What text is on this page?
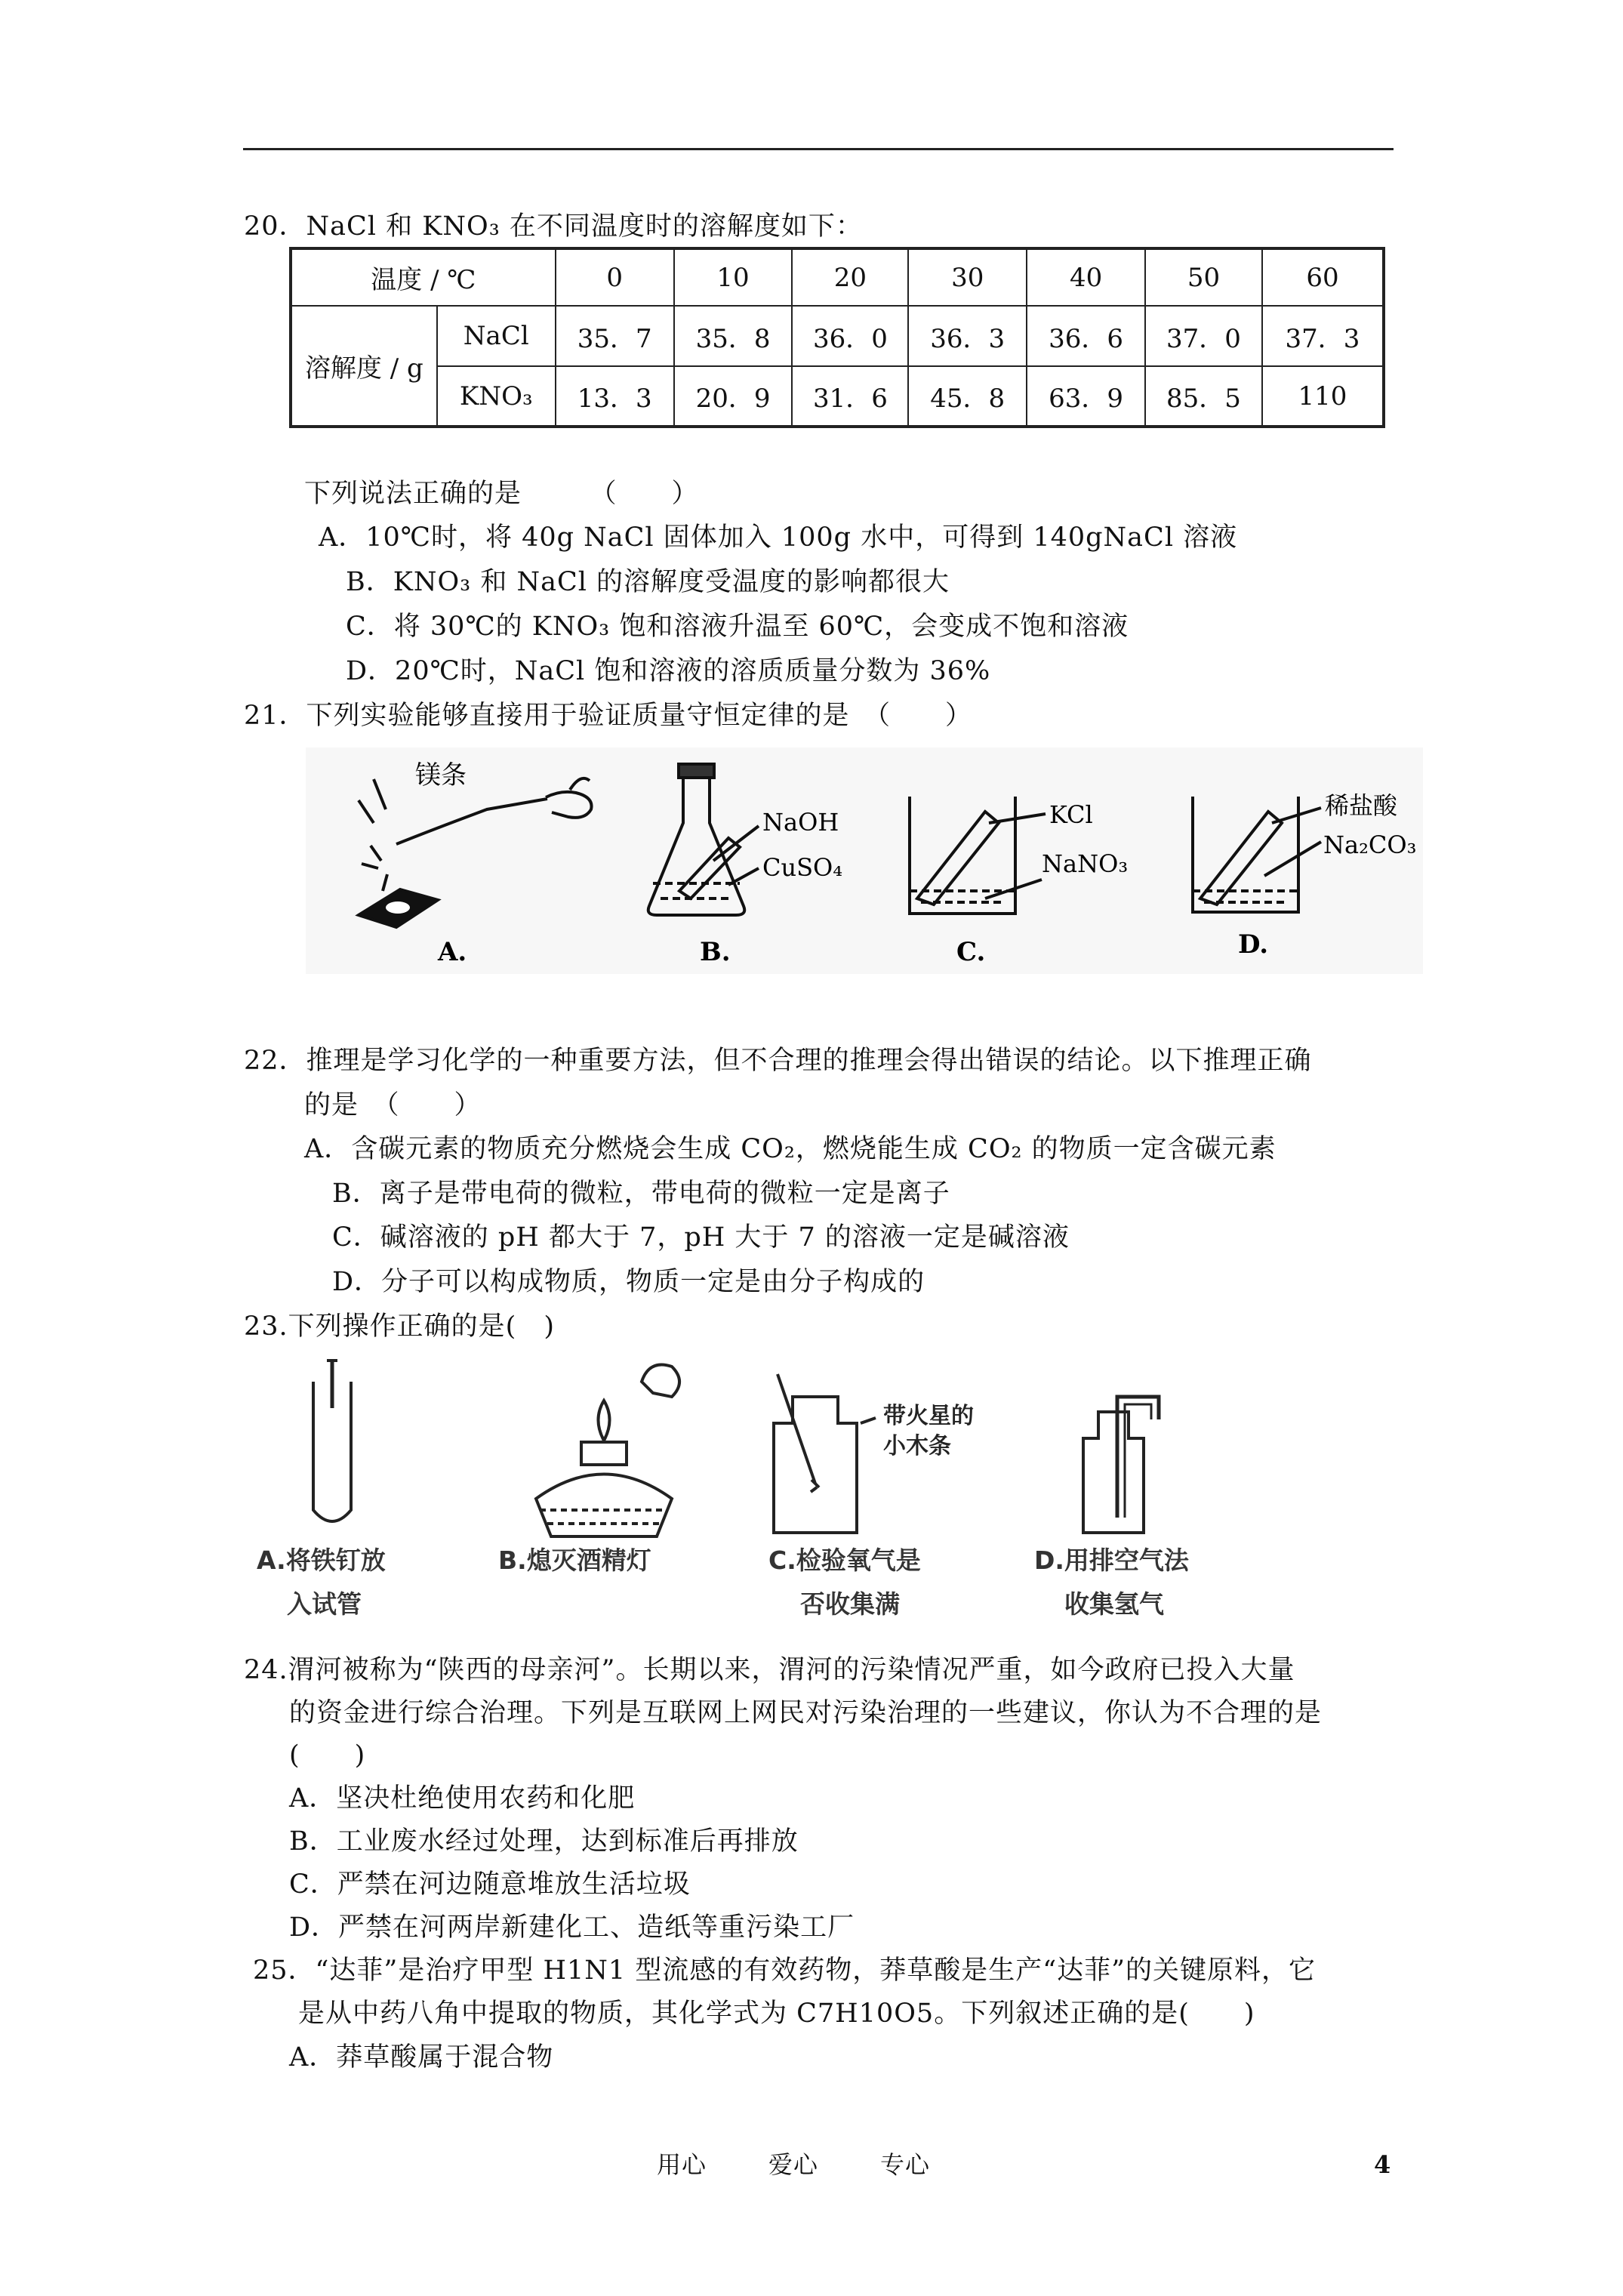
20．NaCl 和 KNO₃ 在不同温度时的溶解度如下：
温度 / ℃		0	10	20	30	40	50	60
溶解度 / g	NaCl	35．7	35．8	36．0	36．3	36．6	37．0	37．3
	KNO₃	13．3	20．9	31．6	45．8	63．9	85．5	110
下列说法正确的是　　　（　　）
A．10℃时，将 40g NaCl 固体加入 100g 水中，可得到 140gNaCl 溶液
B．KNO₃ 和 NaCl 的溶解度受温度的影响都很大
C．将 30℃的 KNO₃ 饱和溶液升温至 60℃，会变成不饱和溶液
D．20℃时，NaCl 饱和溶液的溶质质量分数为 36%
21．下列实验能够直接用于验证质量守恒定律的是　（　　）
镁条
A.
NaOH
CuSO₄
B.
KCl
NaNO₃
C.
稀盐酸
Na₂CO₃
D.
22．推理是学习化学的一种重要方法，但不合理的推理会得出错误的结论。以下推理正确
的是　（　　）
A．含碳元素的物质充分燃烧会生成 CO₂，燃烧能生成 CO₂ 的物质一定含碳元素
B．离子是带电荷的微粒，带电荷的微粒一定是离子
C．碱溶液的 pH 都大于 7，pH 大于 7 的溶液一定是碱溶液
D．分子可以构成物质，物质一定是由分子构成的
23.下列操作正确的是(　)
带火星的
小木条
A.将铁钉放
入试管
B.熄灭酒精灯	C.检验氧气是
否收集满
D.用排空气法
收集氢气
24.渭河被称为“陕西的母亲河”。长期以来，渭河的污染情况严重，如今政府已投入大量
的资金进行综合治理。下列是互联网上网民对污染治理的一些建议，你认为不合理的是
(　　)
A．坚决杜绝使用农药和化肥
B．工业废水经过处理，达到标准后再排放
C．严禁在河边随意堆放生活垃圾
D．严禁在河两岸新建化工、造纸等重污染工厂
25．“达菲”是治疗甲型 H1N1 型流感的有效药物，莽草酸是生产“达菲”的关键原料，它
是从中药八角中提取的物质，其化学式为 C7H10O5。下列叙述正确的是(　　)
A．莽草酸属于混合物
用心	爱心	专心	4
